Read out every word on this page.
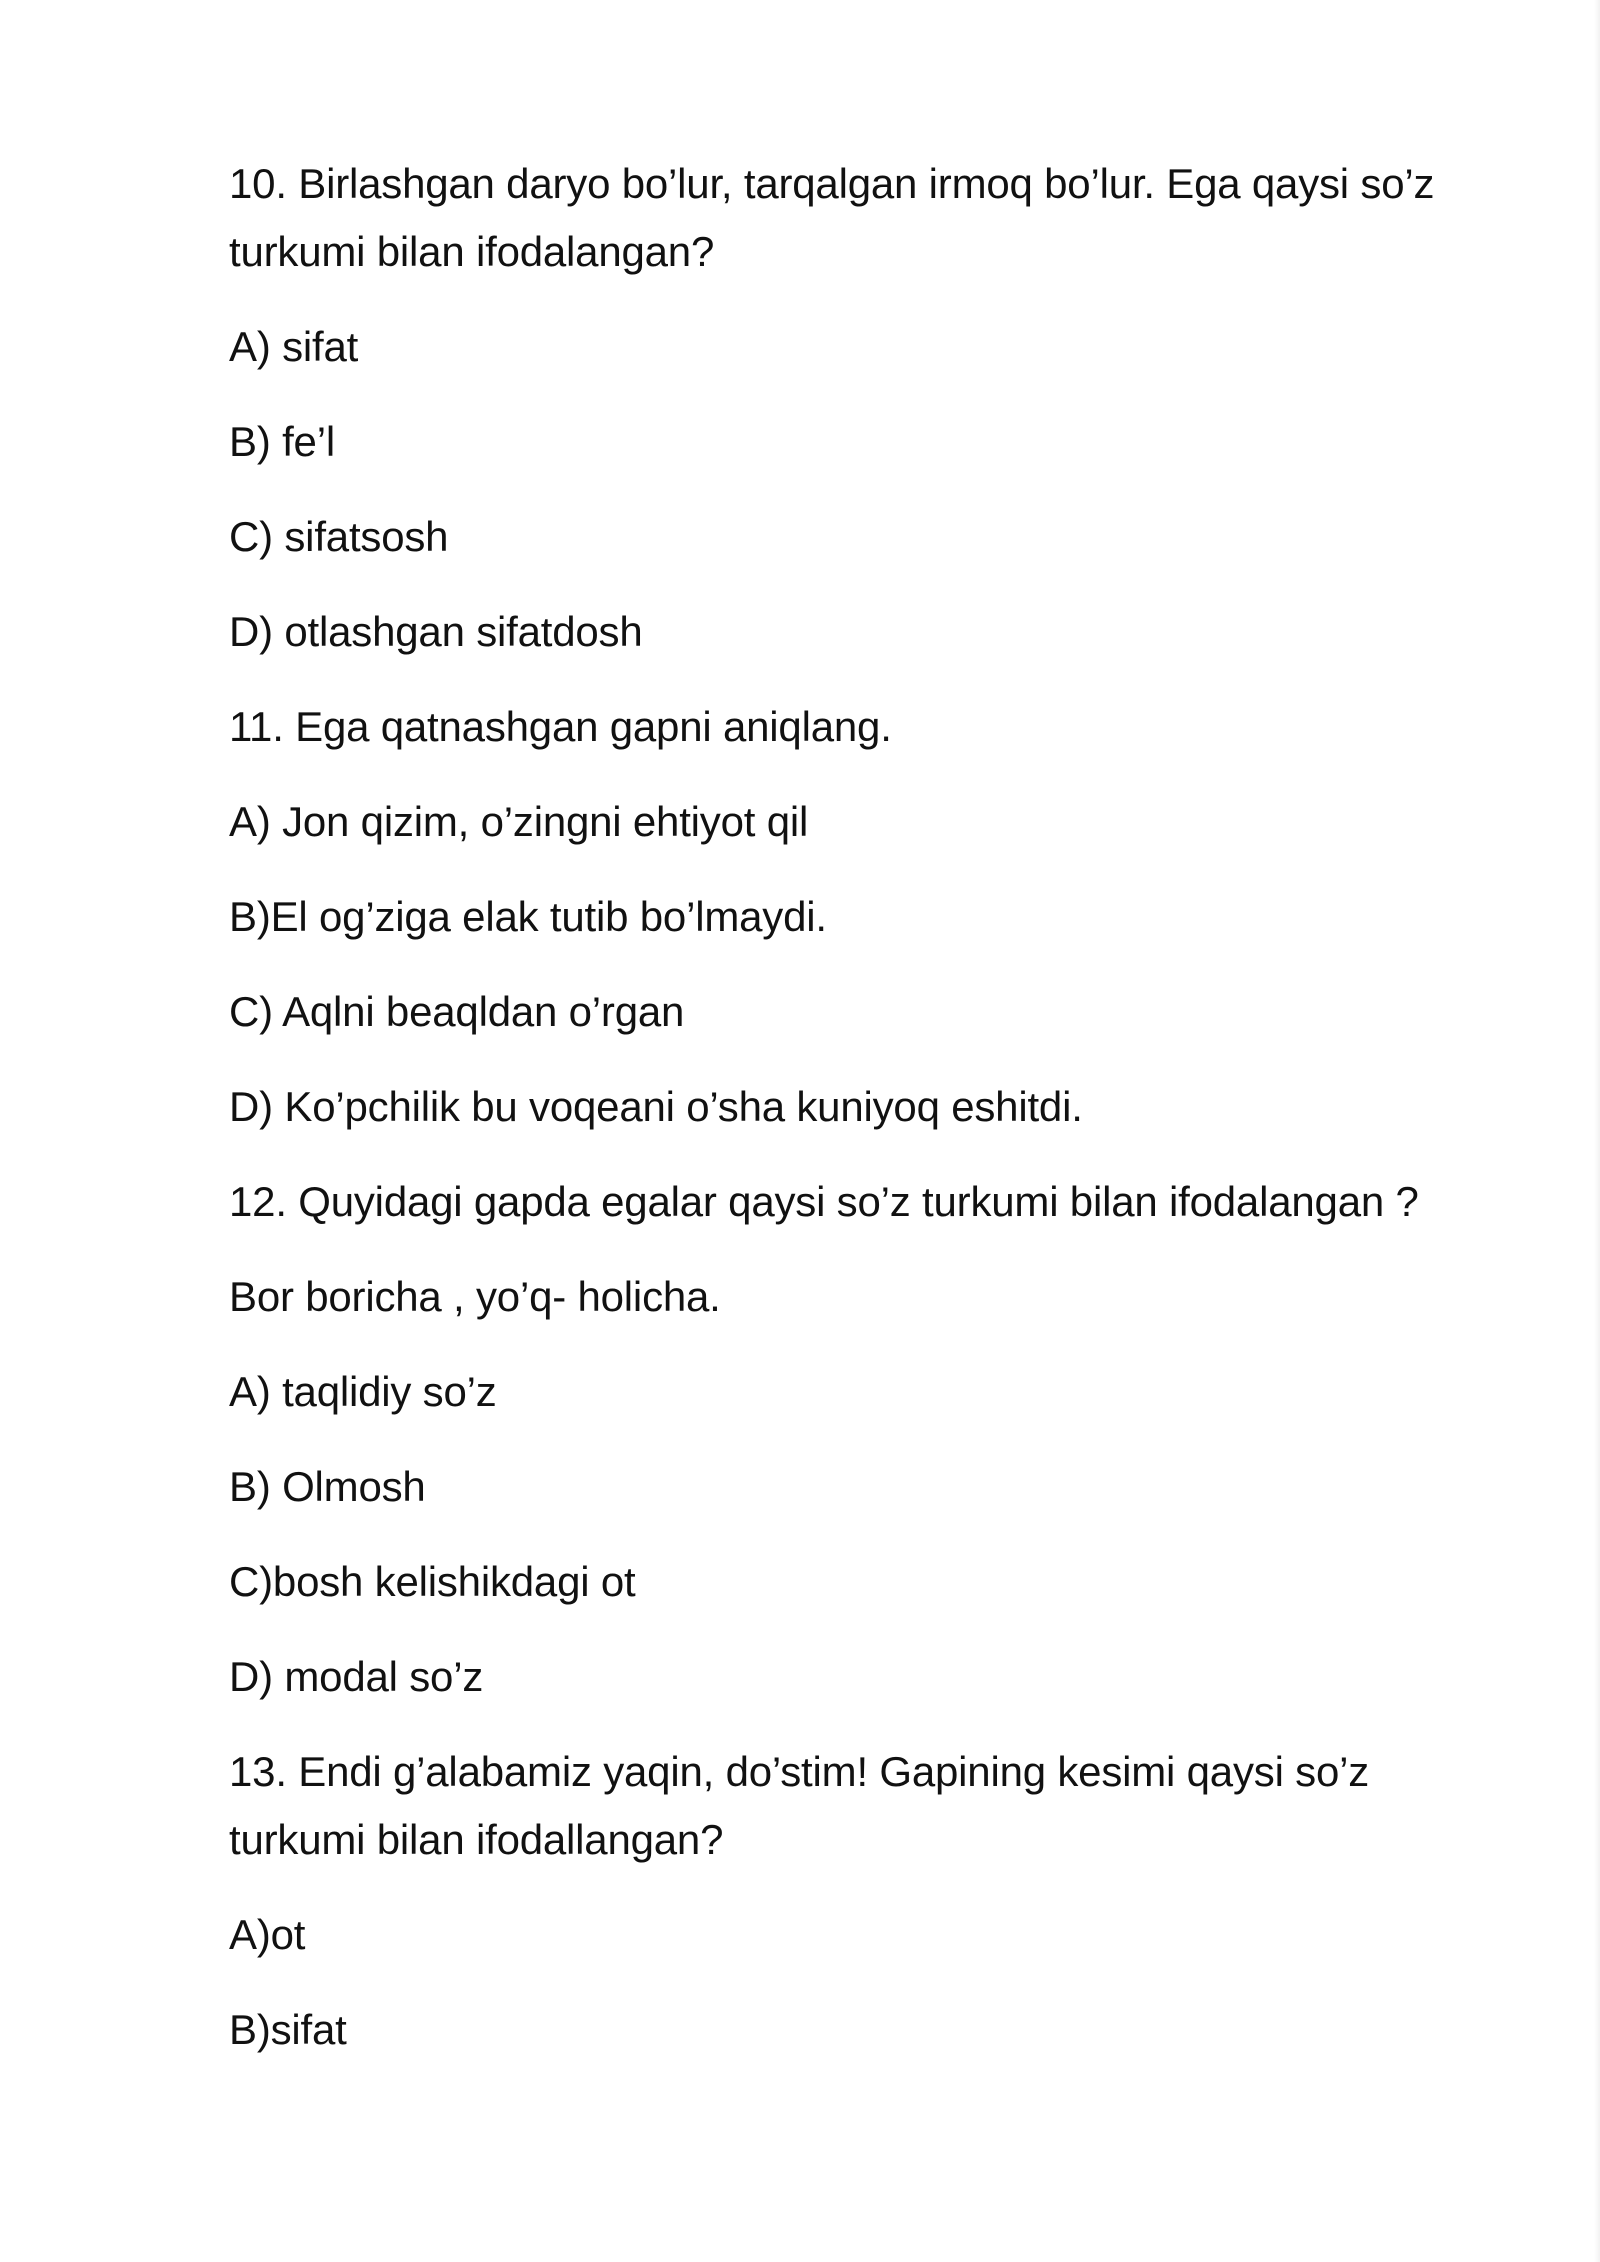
10. Birlashgan daryo bo’lur, tarqalgan irmoq bo’lur. Ega qaysi so’z turkumi bilan ifodalangan?

A) sifat

B) fe’l

C) sifatsosh

D) otlashgan sifatdosh

11. Ega qatnashgan gapni aniqlang.

A) Jon qizim, o’zingni ehtiyot qil

B)El og’ziga elak tutib bo’lmaydi.

C) Aqlni beaqldan o’rgan

D) Ko’pchilik bu voqeani o’sha kuniyoq eshitdi.

12. Quyidagi gapda egalar qaysi so’z turkumi bilan ifodalangan ?

Bor boricha , yo’q- holicha.

A) taqlidiy so’z

B) Olmosh

C)bosh kelishikdagi ot

D) modal so’z

13. Endi g’alabamiz yaqin, do’stim! Gapining kesimi qaysi so’z turkumi bilan ifodallangan?

A)ot

B)sifat
